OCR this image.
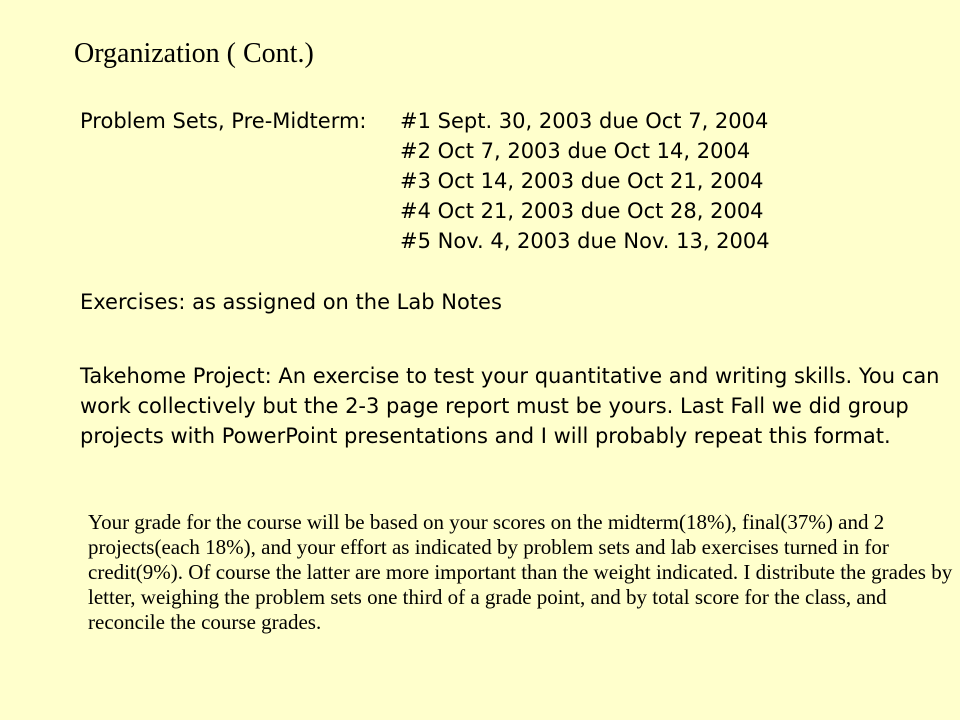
Organization ( Cont.)
Problem Sets, Pre-Midterm: #1 Sept. 30, 2003 due Oct 7, 2004
#2 Oct 7, 2003 due Oct 14, 2004
#3 Oct 14, 2003 due Oct 21, 2004
#4 Oct 21, 2003 due Oct 28, 2004
#5 Nov. 4, 2003 due Nov. 13, 2004
Exercises: as assigned on the Lab Notes

Takehome Project: An exercise to test your quantitative and writing skills. You can work collectively but the 2-3 page report must be yours. Last Fall we did group projects with PowerPoint presentations and I will probably repeat this format.

Your grade for the course will be based on your scores on the midterm(18%), final(37%) and 2 projects(each 18%), and your effort as indicated by problem sets and lab exercises turned in for credit(9%). Of course the latter are more important than the weight indicated. I distribute the grades by letter, weighing the problem sets one third of a grade point, and by total score for the class, and reconcile the course grades.
